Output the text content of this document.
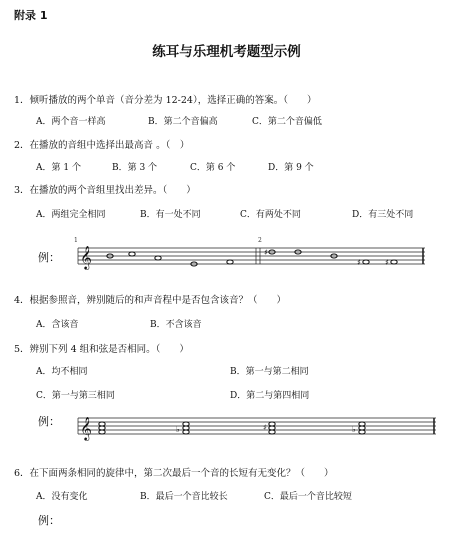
附录 1
练耳与乐理机考题型示例
1．倾听播放的两个单音（音分差为 12-24），选择正确的答案。（　　）
A．两个音一样高	B．第二个音偏高	C．第二个音偏低
2．在播放的音组中选择出最高音 。（　）
A．第 1 个	B．第 3 个	C．第 6 个	D．第 9 个
3．在播放的两个音组里找出差异。（　　）
A．两组完全相同	B．有一处不同	C．有两处不同	D．有三处不同
例：
1	2
𝄞	♯
♯	♯
4．根据参照音，辨别随后的和声音程中是否包含该音？（　　）
A．含该音	B．不含该音
5．辨别下列 4 组和弦是否相同。（　　）
A．均不相同	B．第一与第二相同
C．第一与第三相同	D．第二与第四相同
例： 𝄞	♭	♯	♭
6．在下面两条相同的旋律中，第二次最后一个音的长短有无变化？（　　）
A．没有变化	B．最后一个音比较长	C．最后一个音比较短
例：
